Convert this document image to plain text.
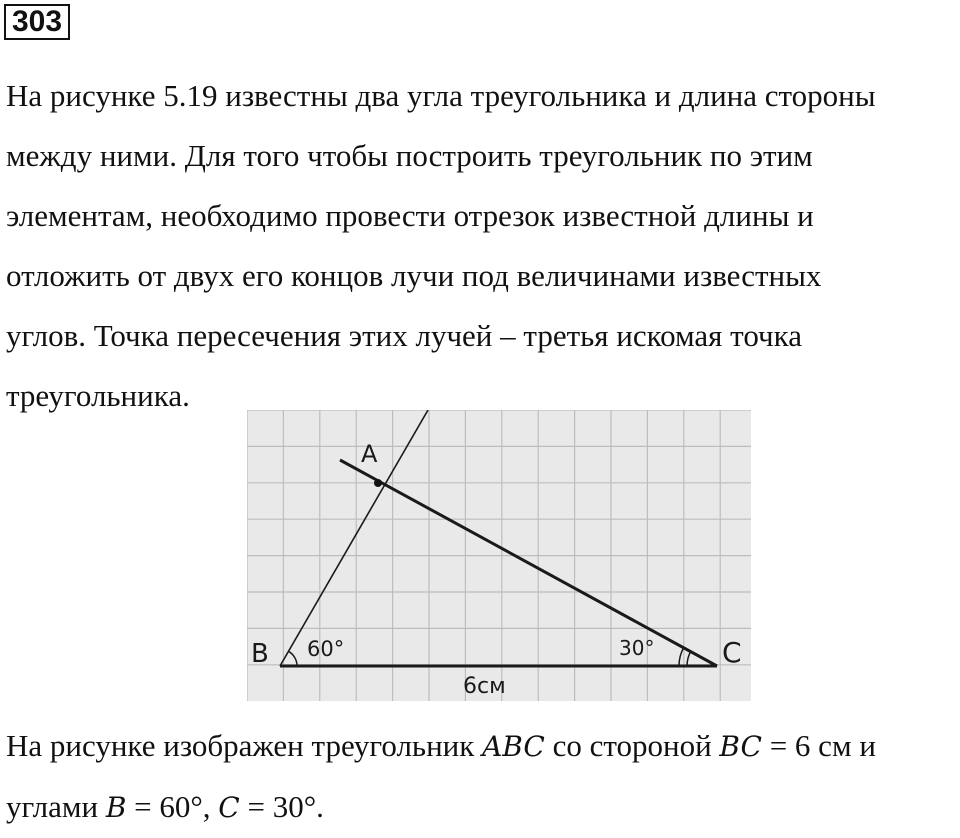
303

На рисунке 5.19 известны два угла треугольника и длина стороны
между ними. Для того чтобы построить треугольник по этим
элементам, необходимо провести отрезок известной длины и
отложить от двух его концов лучи под величинами известных
углов. Точка пересечения этих лучей – третья искомая точка
треугольника.

A
B	C
60°	30°
6см

На рисунке изображен треугольник ABC со стороной BC = 6 см и
углами B = 60°, C = 30°.
